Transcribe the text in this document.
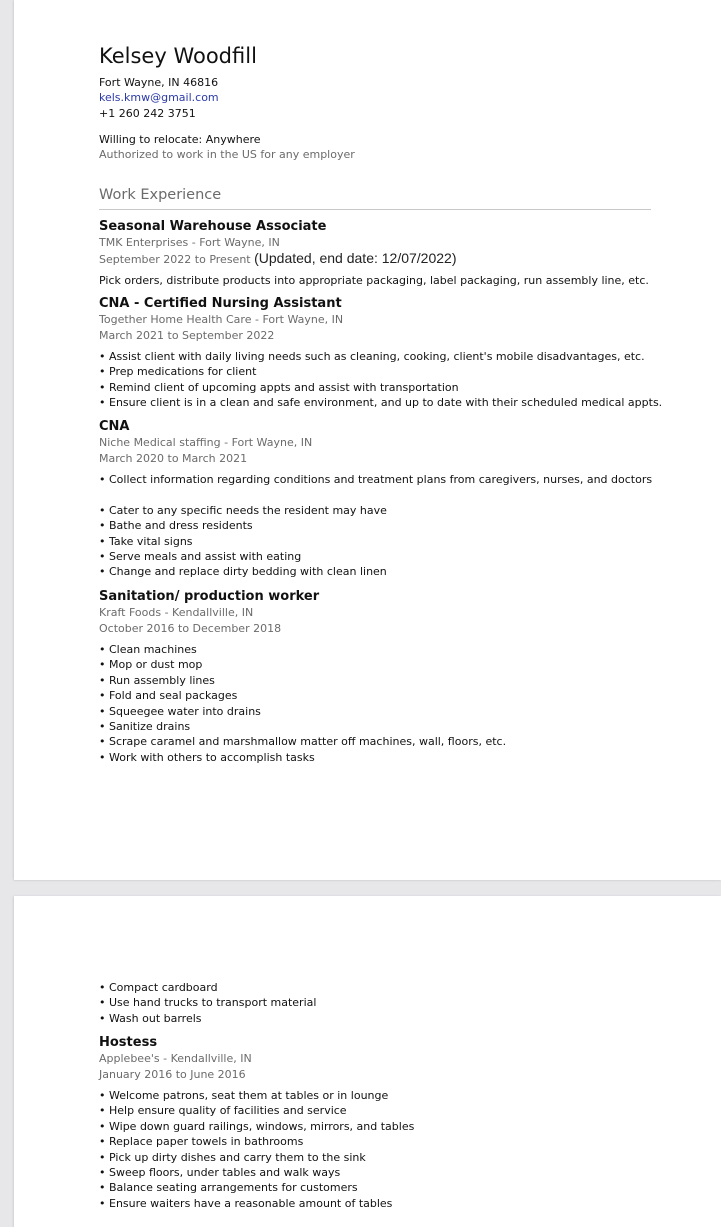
Kelsey Woodfill
Fort Wayne, IN 46816
kels.kmw@gmail.com
+1 260 242 3751
Willing to relocate: Anywhere
Authorized to work in the US for any employer
Work Experience
Seasonal Warehouse Associate
TMK Enterprises - Fort Wayne, IN
September 2022 to Present (Updated, end date: 12/07/2022)
Pick orders, distribute products into appropriate packaging, label packaging, run assembly line, etc.
CNA - Certified Nursing Assistant
Together Home Health Care - Fort Wayne, IN
March 2021 to September 2022
• Assist client with daily living needs such as cleaning, cooking, client's mobile disadvantages, etc.
• Prep medications for client
• Remind client of upcoming appts and assist with transportation
• Ensure client is in a clean and safe environment, and up to date with their scheduled medical appts.
CNA
Niche Medical staffing - Fort Wayne, IN
March 2020 to March 2021
• Collect information regarding conditions and treatment plans from caregivers, nurses, and doctors
• Cater to any specific needs the resident may have
• Bathe and dress residents
• Take vital signs
• Serve meals and assist with eating
• Change and replace dirty bedding with clean linen
Sanitation/ production worker
Kraft Foods - Kendallville, IN
October 2016 to December 2018
• Clean machines
• Mop or dust mop
• Run assembly lines
• Fold and seal packages
• Squeegee water into drains
• Sanitize drains
• Scrape caramel and marshmallow matter off machines, wall, floors, etc.
• Work with others to accomplish tasks
• Compact cardboard
• Use hand trucks to transport material
• Wash out barrels
Hostess
Applebee's - Kendallville, IN
January 2016 to June 2016
• Welcome patrons, seat them at tables or in lounge
• Help ensure quality of facilities and service
• Wipe down guard railings, windows, mirrors, and tables
• Replace paper towels in bathrooms
• Pick up dirty dishes and carry them to the sink
• Sweep floors, under tables and walk ways
• Balance seating arrangements for customers
• Ensure waiters have a reasonable amount of tables
